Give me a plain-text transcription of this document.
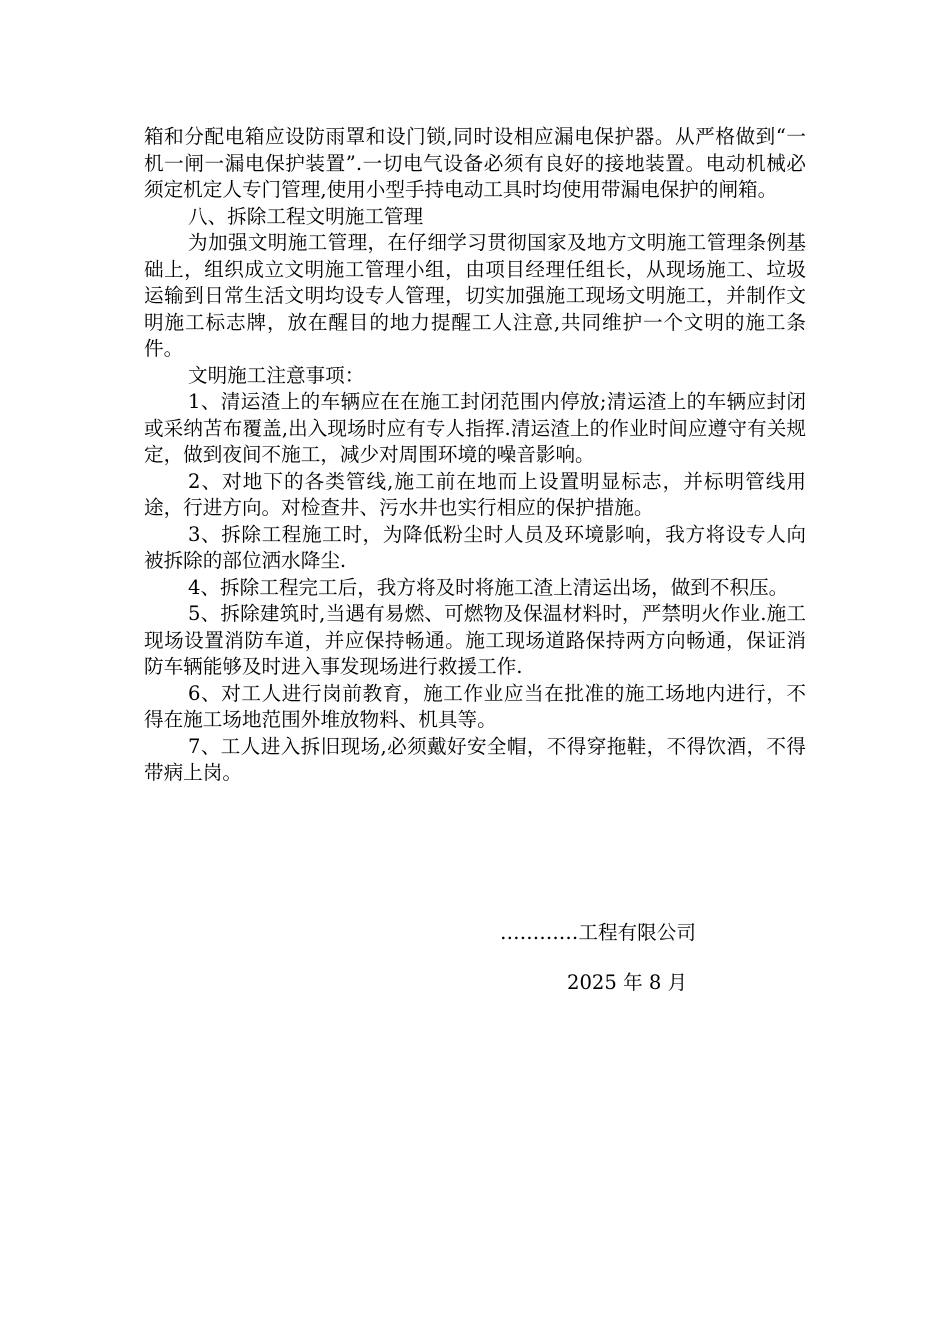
箱和分配电箱应设防雨罩和设门锁,同时设相应漏电保护器。从严格做到“一机一闸一漏电保护装置”.一切电气设备必须有良好的接地装置。电动机械必须定机定人专门管理,使用小型手持电动工具时均使用带漏电保护的闸箱。

八、拆除工程文明施工管理

为加强文明施工管理，在仔细学习贯彻国家及地方文明施工管理条例基础上，组织成立文明施工管理小组，由项目经理任组长，从现场施工、垃圾运输到日常生活文明均设专人管理，切实加强施工现场文明施工，并制作文明施工标志牌，放在醒目的地力提醒工人注意,共同维护一个文明的施工条件。

文明施工注意事项：

1、清运渣上的车辆应在在施工封闭范围内停放;清运渣上的车辆应封闭或采纳苫布覆盖,出入现场时应有专人指挥.清运渣上的作业时间应遵守有关规定，做到夜间不施工，减少对周围环境的噪音影响。

2、对地下的各类管线,施工前在地而上设置明显标志，并标明管线用途，行进方向。对检查井、污水井也实行相应的保护措施。

3、拆除工程施工时，为降低粉尘时人员及环境影响，我方将设专人向被拆除的部位洒水降尘.

4、拆除工程完工后，我方将及时将施工渣上清运出场，做到不积压。

5、拆除建筑时,当遇有易燃、可燃物及保温材料时，严禁明火作业.施工现场设置消防车道，并应保持畅通。施工现场道路保持两方向畅通，保证消防车辆能够及时进入事发现场进行救援工作.

6、对工人进行岗前教育，施工作业应当在批准的施工场地内进行，不得在施工场地范围外堆放物料、机具等。

7、工人进入拆旧现场,必须戴好安全帽，不得穿拖鞋，不得饮酒，不得带病上岗。

…………工程有限公司
2025 年 8 月
